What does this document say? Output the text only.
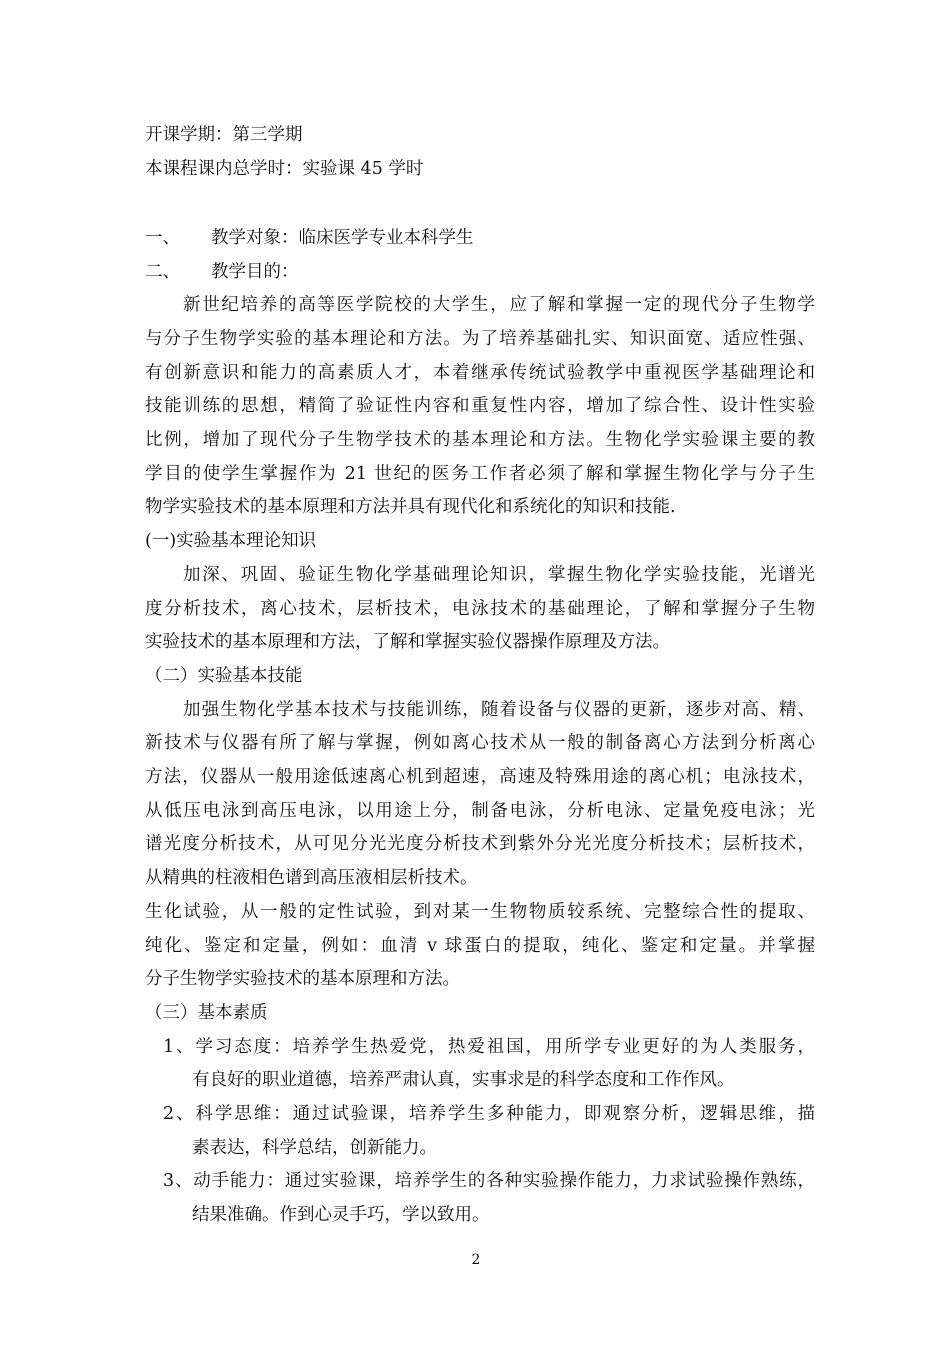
开课学期：第三学期
本课程课内总学时：实验课 45 学时
一、 教学对象：临床医学专业本科学生
二、 教学目的：
新世纪培养的高等医学院校的大学生，应了解和掌握一定的现代分子生物学
与分子生物学实验的基本理论和方法。为了培养基础扎实、知识面宽、适应性强、
有创新意识和能力的高素质人才，本着继承传统试验教学中重视医学基础理论和
技能训练的思想，精简了验证性内容和重复性内容，增加了综合性、设计性实验
比例，增加了现代分子生物学技术的基本理论和方法。生物化学实验课主要的教
学目的使学生掌握作为 21 世纪的医务工作者必须了解和掌握生物化学与分子生
物学实验技术的基本原理和方法并具有现代化和系统化的知识和技能.
(一)实验基本理论知识
加深、巩固、验证生物化学基础理论知识，掌握生物化学实验技能，光谱光
度分析技术，离心技术，层析技术，电泳技术的基础理论，了解和掌握分子生物
实验技术的基本原理和方法，了解和掌握实验仪器操作原理及方法。
（二）实验基本技能
加强生物化学基本技术与技能训练，随着设备与仪器的更新，逐步对高、精、
新技术与仪器有所了解与掌握，例如离心技术从一般的制备离心方法到分析离心
方法，仪器从一般用途低速离心机到超速，高速及特殊用途的离心机；电泳技术，
从低压电泳到高压电泳，以用途上分，制备电泳，分析电泳、定量免疫电泳；光
谱光度分析技术，从可见分光光度分析技术到紫外分光光度分析技术；层析技术，
从精典的柱液相色谱到高压液相层析技术。
生化试验，从一般的定性试验，到对某一生物物质较系统、完整综合性的提取、
纯化、鉴定和定量，例如：血清 v 球蛋白的提取，纯化、鉴定和定量。并掌握
分子生物学实验技术的基本原理和方法。
（三）基本素质
1、学习态度：培养学生热爱党，热爱祖国，用所学专业更好的为人类服务，
有良好的职业道德，培养严肃认真，实事求是的科学态度和工作作风。
2、科学思维：通过试验课，培养学生多种能力，即观察分析，逻辑思维，描
素表达，科学总结，创新能力。
3、动手能力：通过实验课，培养学生的各种实验操作能力，力求试验操作熟练，
结果准确。作到心灵手巧，学以致用。
2
